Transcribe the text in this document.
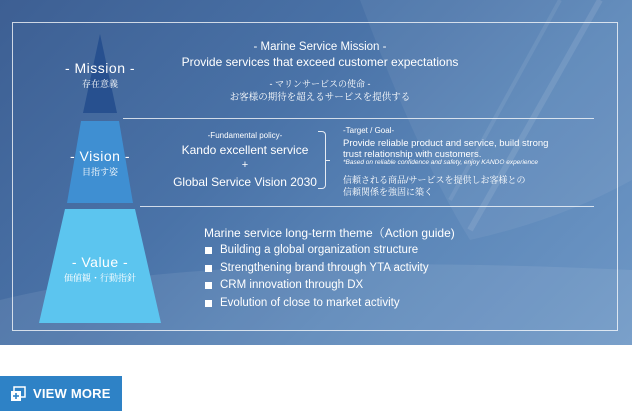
- Mission -
存在意義
- Vision -
目指す姿
- Value -
価値観・行動指針
- Marine Service Mission -
Provide services that exceed customer expectations
- マリンサービスの使命 -
お客様の期待を超えるサービスを提供する
-Fundamental policy-
Kando excellent service
+
Global Service Vision 2030
-Target / Goal-
Provide reliable product and service, build strong
trust relationship with customers.
*Based on reliable confidence and safety, enjoy KANDO experience
信頼される商品/サービスを提供しお客様との
信頼関係を強固に築く
Marine service long-term theme（Action guide)
Building a global organization structure
Strengthening brand through YTA activity
CRM innovation through DX
Evolution of close to market activity
VIEW MORE
